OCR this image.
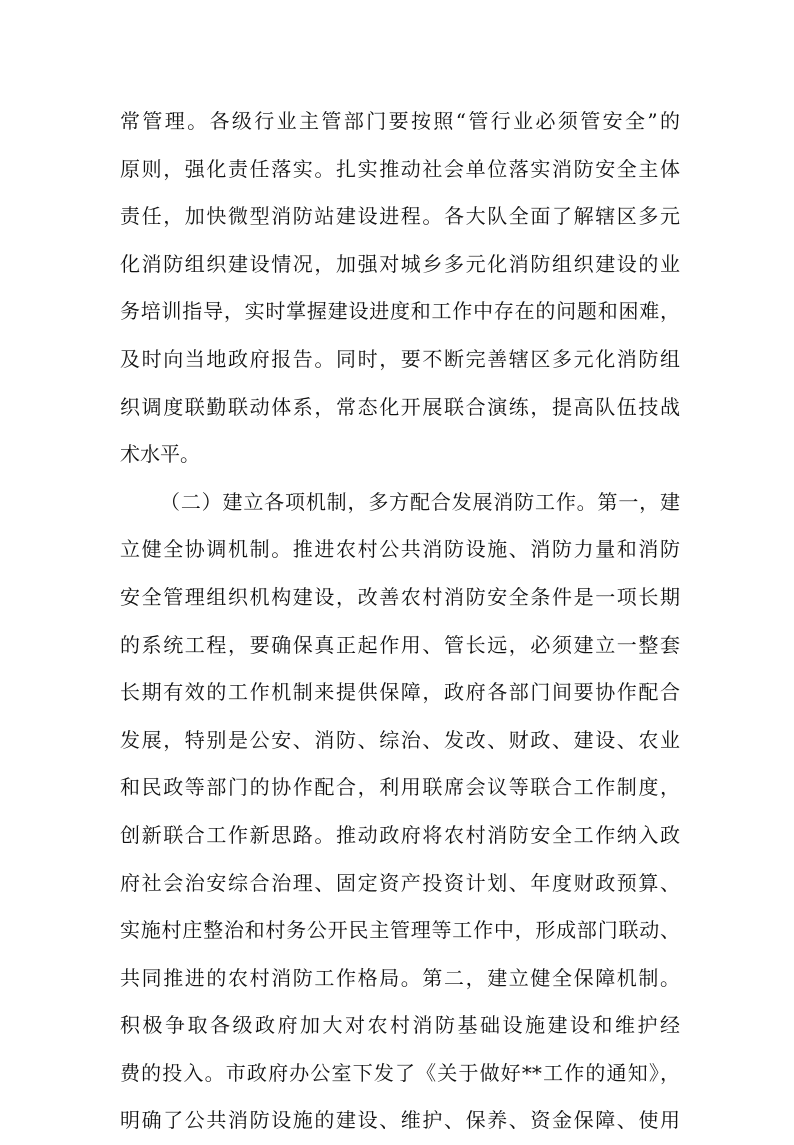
常管理。各级行业主管部门要按照“管行业必须管安全”的
原则，强化责任落实。扎实推动社会单位落实消防安全主体
责任，加快微型消防站建设进程。各大队全面了解辖区多元
化消防组织建设情况，加强对城乡多元化消防组织建设的业
务培训指导，实时掌握建设进度和工作中存在的问题和困难，
及时向当地政府报告。同时，要不断完善辖区多元化消防组
织调度联勤联动体系，常态化开展联合演练，提高队伍技战
术水平。
（二）建立各项机制，多方配合发展消防工作。第一，建
立健全协调机制。推进农村公共消防设施、消防力量和消防
安全管理组织机构建设，改善农村消防安全条件是一项长期
的系统工程，要确保真正起作用、管长远，必须建立一整套
长期有效的工作机制来提供保障，政府各部门间要协作配合
发展，特别是公安、消防、综治、发改、财政、建设、农业
和民政等部门的协作配合，利用联席会议等联合工作制度，
创新联合工作新思路。推动政府将农村消防安全工作纳入政
府社会治安综合治理、固定资产投资计划、年度财政预算、
实施村庄整治和村务公开民主管理等工作中，形成部门联动、
共同推进的农村消防工作格局。第二，建立健全保障机制。
积极争取各级政府加大对农村消防基础设施建设和维护经
费的投入。市政府办公室下发了《关于做好**工作的通知》，
明确了公共消防设施的建设、维护、保养、资金保障、使用
